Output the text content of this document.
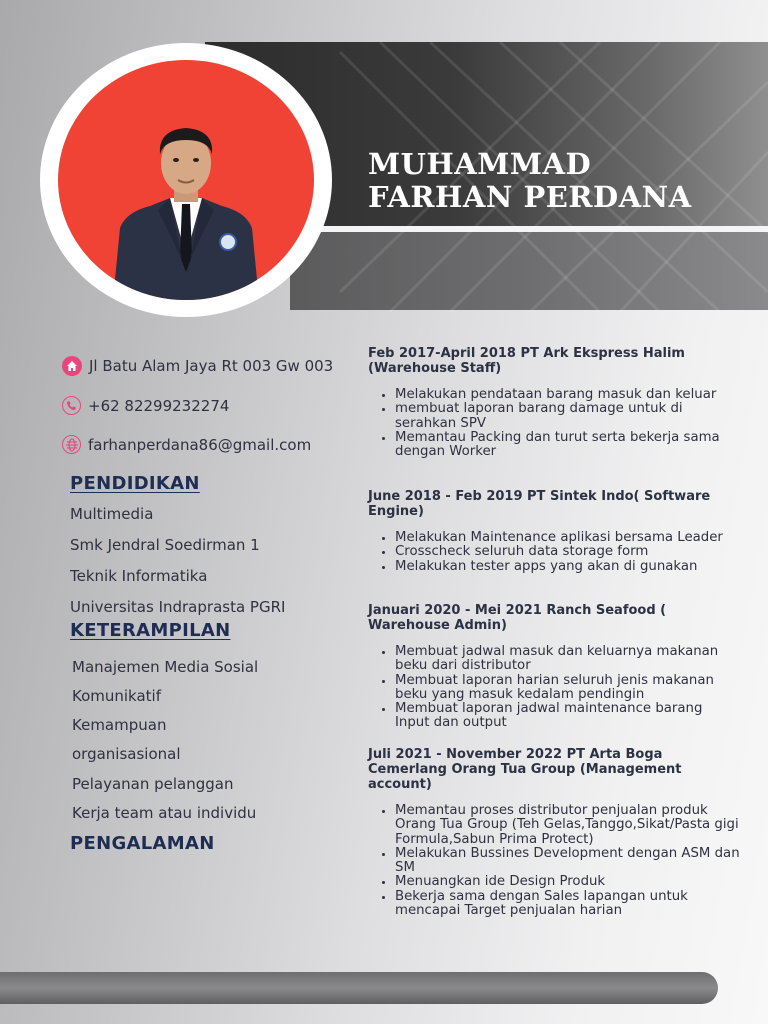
MUHAMMAD
FARHAN PERDANA
Jl Batu Alam Jaya Rt 003 Gw 003
+62 82299232274
farhanperdana86@gmail.com
PENDIDIKAN
Multimedia
Smk Jendral Soedirman 1
Teknik Informatika
Universitas Indraprasta PGRI
KETERAMPILAN
Manajemen Media Sosial
Komunikatif
Kemampuan
organisasional
Pelayanan pelanggan
Kerja team atau individu
PENGALAMAN

Feb 2017-April 2018 PT Ark Ekspress Halim (Warehouse Staff)

• Melakukan pendataan barang masuk dan keluar
• membuat laporan barang damage untuk di serahkan SPV
• Memantau Packing dan turut serta bekerja sama dengan Worker

June 2018 - Feb 2019 PT Sintek Indo( Software Engine)

• Melakukan Maintenance aplikasi bersama Leader
• Crosscheck seluruh data storage form
• Melakukan tester apps yang akan di gunakan

Januari 2020 - Mei 2021 Ranch Seafood ( Warehouse Admin)

• Membuat jadwal masuk dan keluarnya makanan beku dari distributor
• Membuat laporan harian seluruh jenis makanan beku yang masuk kedalam pendingin
• Membuat laporan jadwal maintenance barang Input dan output

Juli 2021 - November 2022 PT Arta Boga Cemerlang Orang Tua Group (Management account)

• Memantau proses distributor penjualan produk Orang Tua Group (Teh Gelas,Tanggo,Sikat/Pasta gigi Formula,Sabun Prima Protect)
• Melakukan Bussines Development dengan ASM dan SM
• Menuangkan ide Design Produk
• Bekerja sama dengan Sales lapangan untuk mencapai Target penjualan harian
